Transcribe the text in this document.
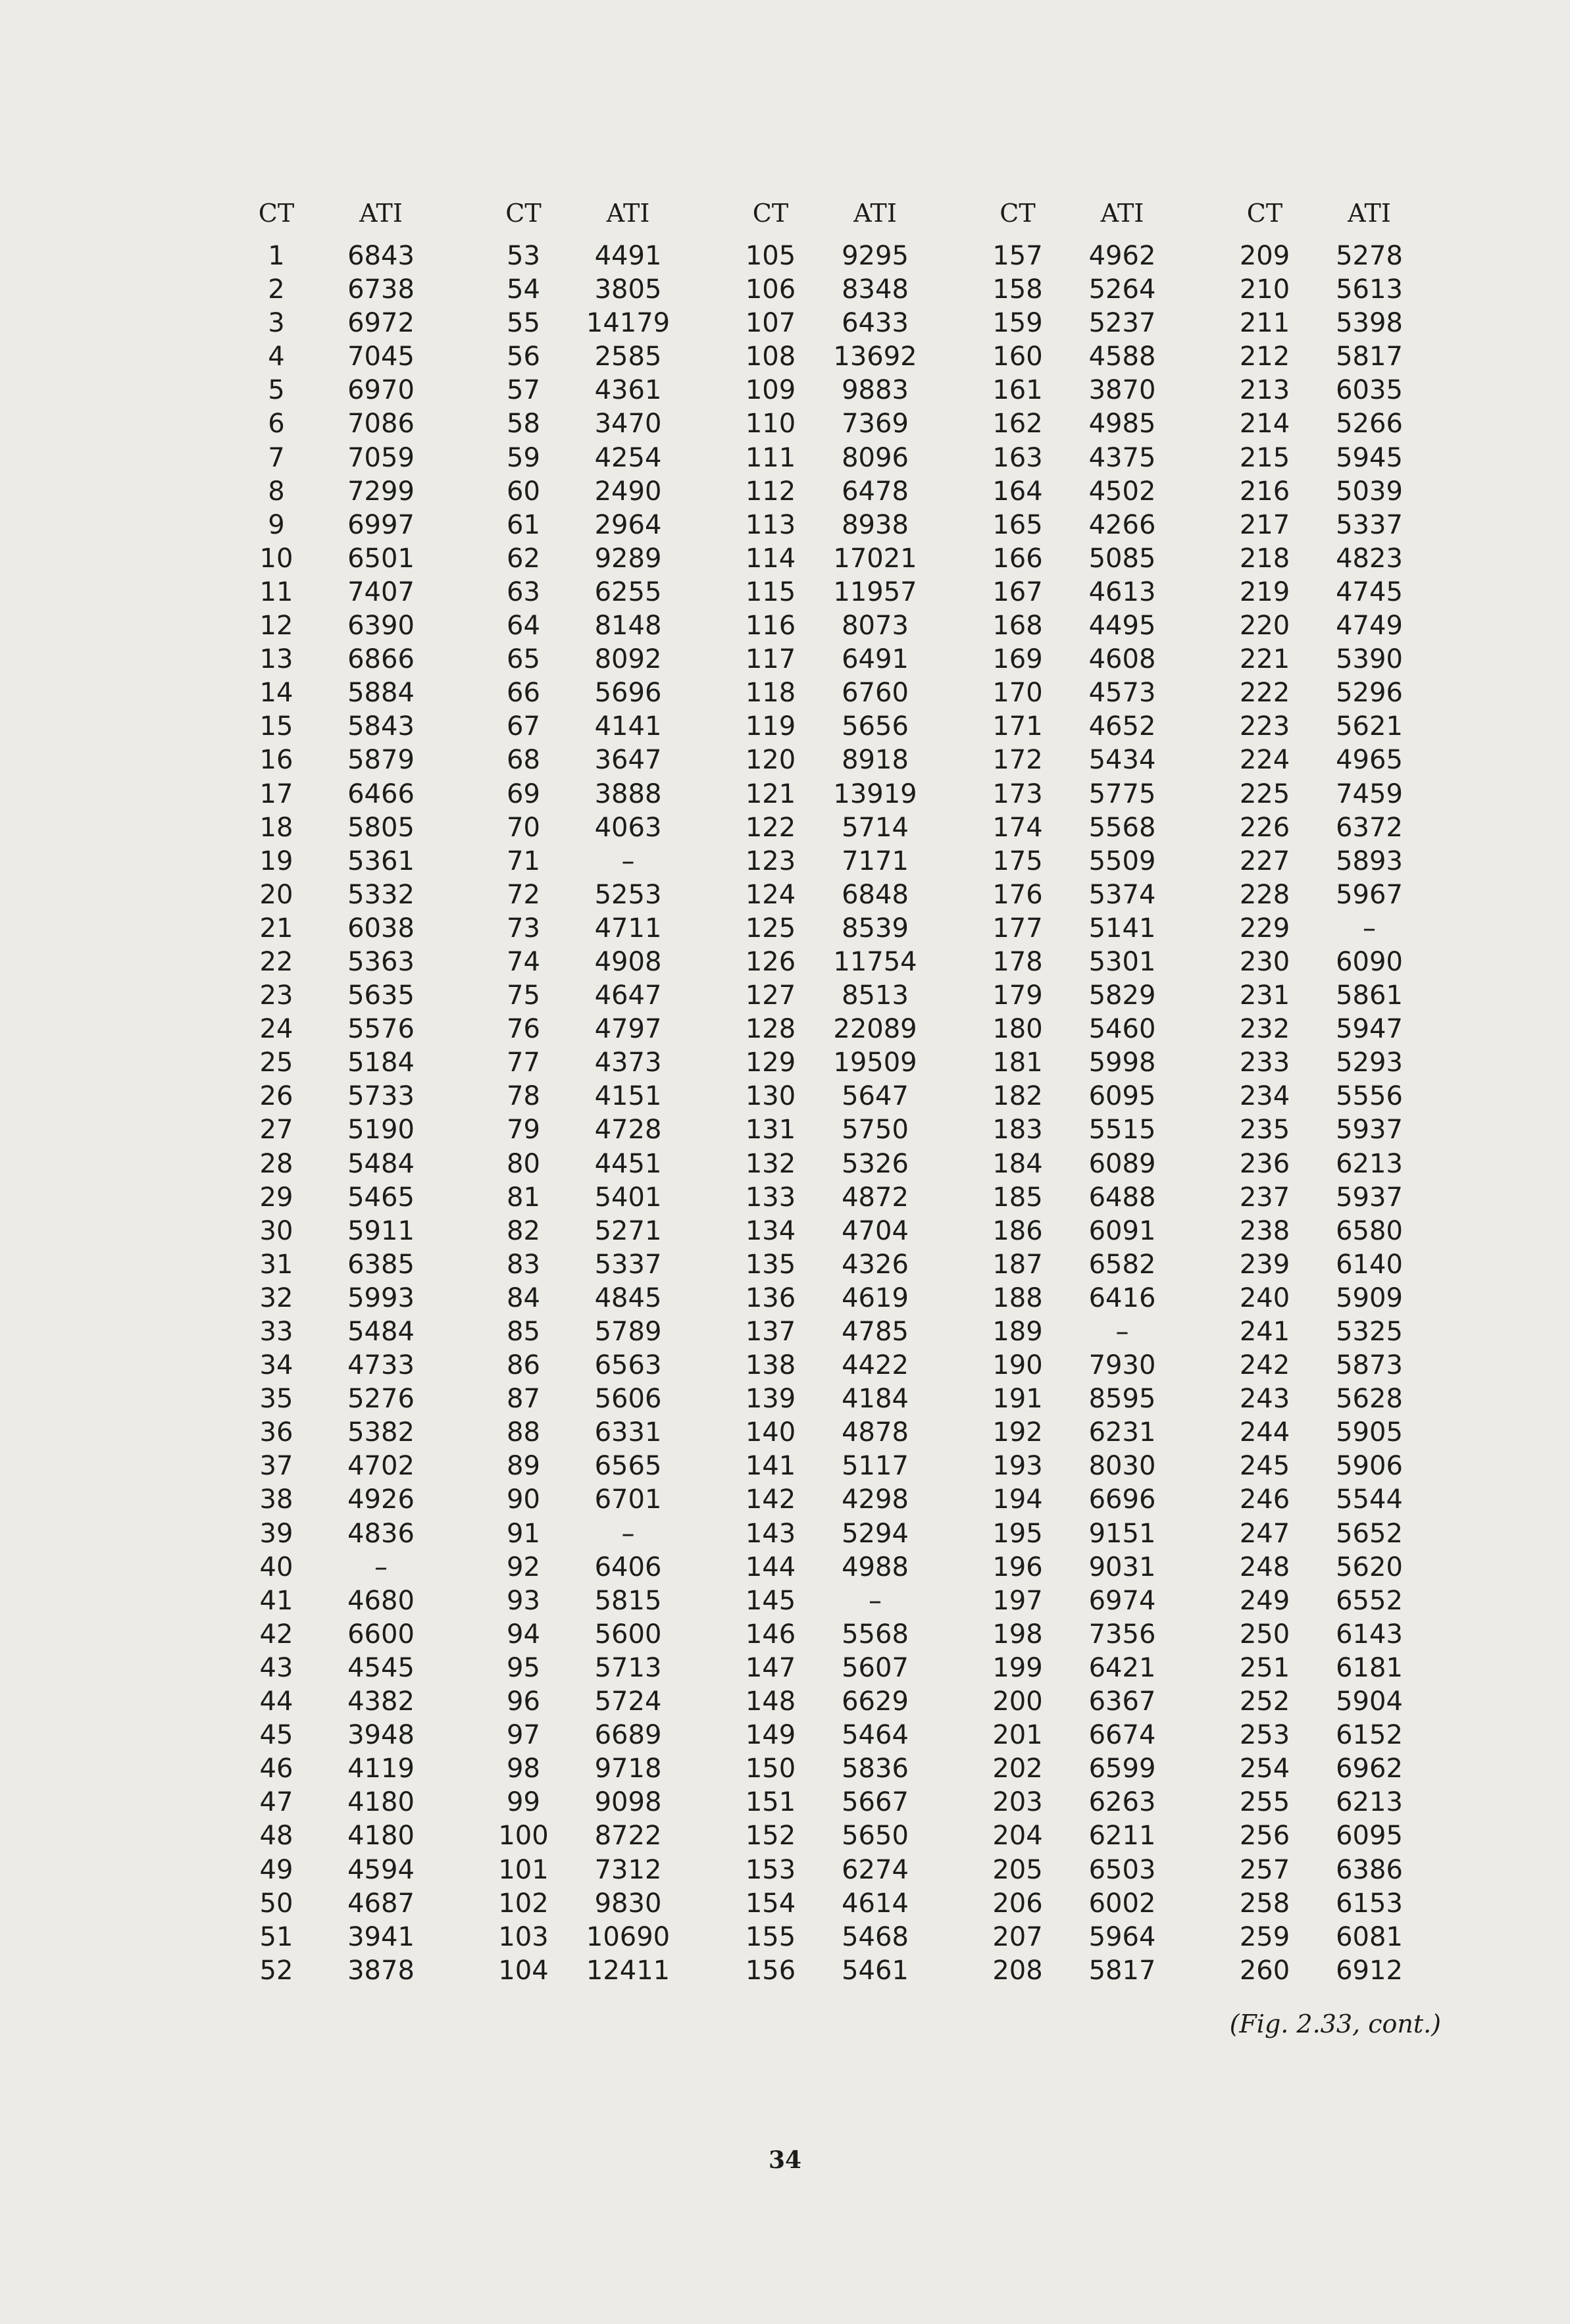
CT
1
2
3
4
5
6
7
8
9
10
11
12
13
14
15
16
17
18
19
20
21
22
23
24
25
26
27
28
29
30
31
32
33
34
35
36
37
38
39
40
41
42
43
44
45
46
47
48
49
50
51
52
ATI
6843
6738
6972
7045
6970
7086
7059
7299
6997
6501
7407
6390
6866
5884
5843
5879
6466
5805
5361
5332
6038
5363
5635
5576
5184
5733
5190
5484
5465
5911
6385
5993
5484
4733
5276
5382
4702
4926
4836
–
4680
6600
4545
4382
3948
4119
4180
4180
4594
4687
3941
3878
CT
53
54
55
56
57
58
59
60
61
62
63
64
65
66
67
68
69
70
71
72
73
74
75
76
77
78
79
80
81
82
83
84
85
86
87
88
89
90
91
92
93
94
95
96
97
98
99
100
101
102
103
104
ATI
4491
3805
14179
2585
4361
3470
4254
2490
2964
9289
6255
8148
8092
5696
4141
3647
3888
4063
–
5253
4711
4908
4647
4797
4373
4151
4728
4451
5401
5271
5337
4845
5789
6563
5606
6331
6565
6701
–
6406
5815
5600
5713
5724
6689
9718
9098
8722
7312
9830
10690
12411
CT
105
106
107
108
109
110
111
112
113
114
115
116
117
118
119
120
121
122
123
124
125
126
127
128
129
130
131
132
133
134
135
136
137
138
139
140
141
142
143
144
145
146
147
148
149
150
151
152
153
154
155
156
ATI
9295
8348
6433
13692
9883
7369
8096
6478
8938
17021
11957
8073
6491
6760
5656
8918
13919
5714
7171
6848
8539
11754
8513
22089
19509
5647
5750
5326
4872
4704
4326
4619
4785
4422
4184
4878
5117
4298
5294
4988
–
5568
5607
6629
5464
5836
5667
5650
6274
4614
5468
5461
CT
157
158
159
160
161
162
163
164
165
166
167
168
169
170
171
172
173
174
175
176
177
178
179
180
181
182
183
184
185
186
187
188
189
190
191
192
193
194
195
196
197
198
199
200
201
202
203
204
205
206
207
208
ATI
4962
5264
5237
4588
3870
4985
4375
4502
4266
5085
4613
4495
4608
4573
4652
5434
5775
5568
5509
5374
5141
5301
5829
5460
5998
6095
5515
6089
6488
6091
6582
6416
–
7930
8595
6231
8030
6696
9151
9031
6974
7356
6421
6367
6674
6599
6263
6211
6503
6002
5964
5817
CT
209
210
211
212
213
214
215
216
217
218
219
220
221
222
223
224
225
226
227
228
229
230
231
232
233
234
235
236
237
238
239
240
241
242
243
244
245
246
247
248
249
250
251
252
253
254
255
256
257
258
259
260
ATI
5278
5613
5398
5817
6035
5266
5945
5039
5337
4823
4745
4749
5390
5296
5621
4965
7459
6372
5893
5967
–
6090
5861
5947
5293
5556
5937
6213
5937
6580
6140
5909
5325
5873
5628
5905
5906
5544
5652
5620
6552
6143
6181
5904
6152
6962
6213
6095
6386
6153
6081
6912
(Fig. 2.33, cont.)
34
